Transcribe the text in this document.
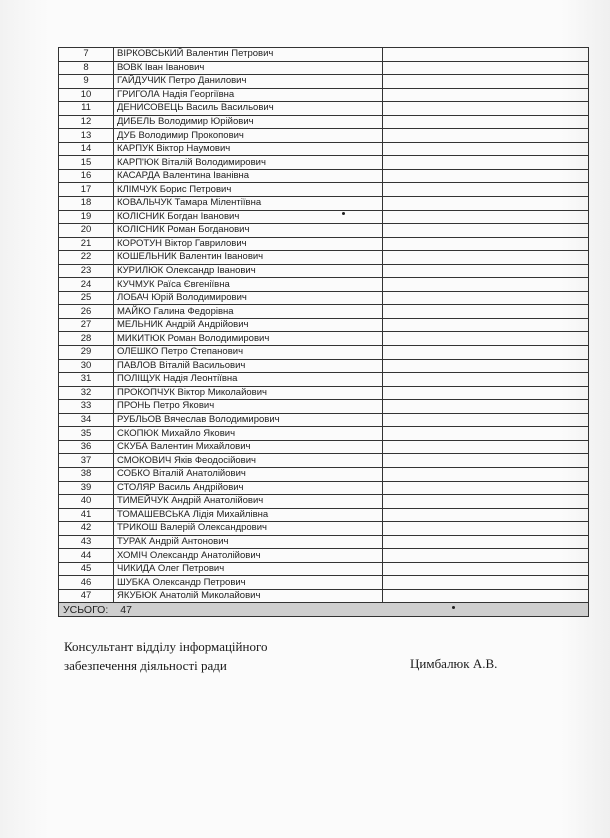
7	ВІРКОВСЬКИЙ Валентин Петрович	
8	ВОВК Іван Іванович	
9	ГАЙДУЧИК Петро Данилович	
10	ГРИГОЛА Надія Георгіївна	
11	ДЕНИСОВЕЦЬ Василь Васильович	
12	ДИБЕЛЬ Володимир Юрійович	
13	ДУБ Володимир Прокопович	
14	КАРПУК Віктор Наумович	
15	КАРП'ЮК Віталій Володимирович	
16	КАСАРДА Валентина Іванівна	
17	КЛІМЧУК Борис Петрович	
18	КОВАЛЬЧУК Тамара Мілентіївна	
19	КОЛІСНИК Богдан Іванович	
20	КОЛІСНИК Роман Богданович	
21	КОРОТУН Віктор Гаврилович	
22	КОШЕЛЬНИК Валентин Іванович	
23	КУРИЛЮК Олександр Іванович	
24	КУЧМУК Раїса Євгеніївна	
25	ЛОБАЧ Юрій Володимирович	
26	МАЙКО Галина Федорівна	
27	МЕЛЬНИК Андрій Андрійович	
28	МИКИТЮК Роман Володимирович	
29	ОЛЕШКО Петро Степанович	
30	ПАВЛОВ Віталій Васильович	
31	ПОЛІЩУК Надія Леонтіївна	
32	ПРОКОПЧУК Віктор Миколайович	
33	ПРОНЬ Петро Якович	
34	РУБЛЬОВ Вячеслав Володимирович	
35	СКОПЮК Михайло Якович	
36	СКУБА Валентин Михайлович	
37	СМОКОВИЧ Яків Феодосійович	
38	СОБКО Віталій Анатолійович	
39	СТОЛЯР Василь Андрійович	
40	ТИМЕЙЧУК Андрій Анатолійович	
41	ТОМАШЕВСЬКА Лідія Михайлівна	
42	ТРИКОШ Валерій Олександрович	
43	ТУРАК Андрій Антонович	
44	ХОМІЧ Олександр Анатолійович	
45	ЧИКИДА Олег Петрович	
46	ШУБКА Олександр Петрович	
47	ЯКУБЮК Анатолій Миколайович	
УСЬОГО: 47		
Консультант відділу інформаційного
забезпечення діяльності ради	Цимбалюк А.В.
